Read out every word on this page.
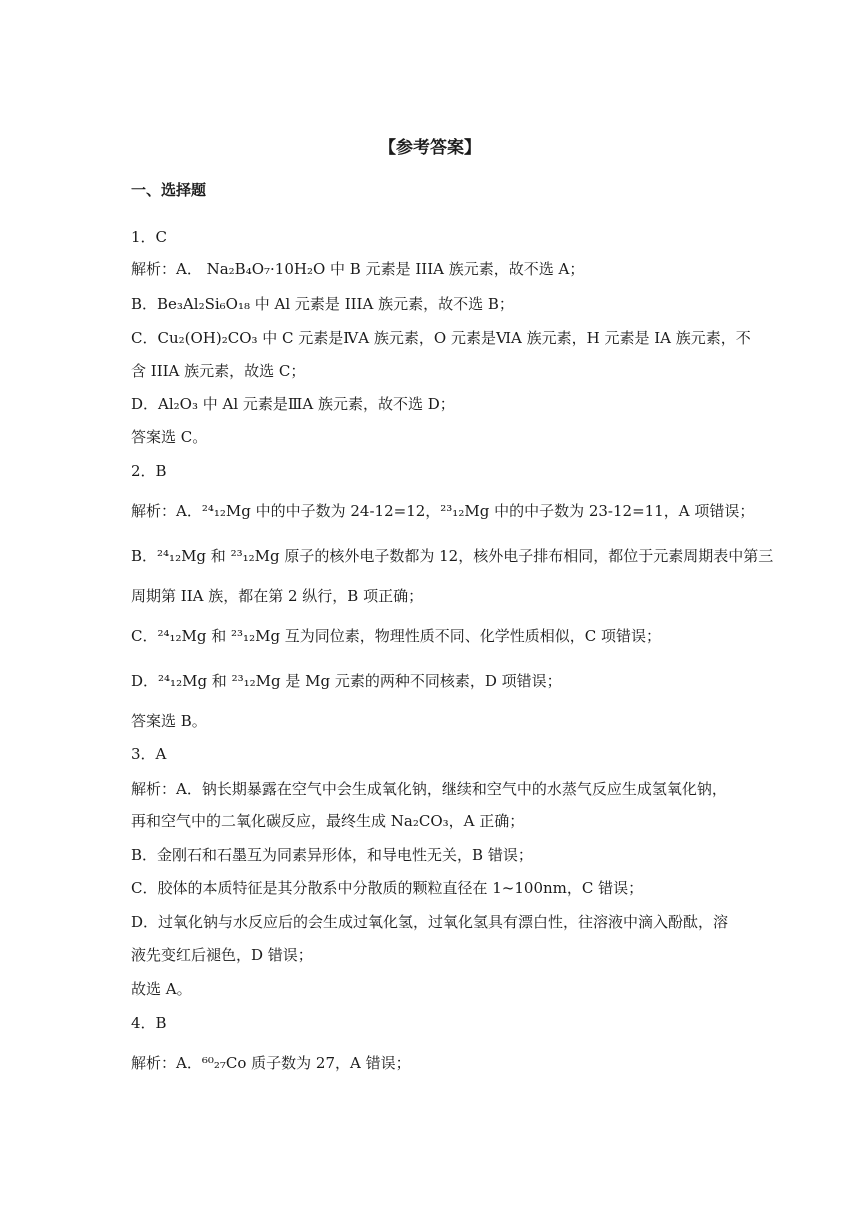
【参考答案】
一、选择题
1．C
解析：A． Na₂B₄O₇·10H₂O 中 B 元素是 IIIA 族元素，故不选 A；
B．Be₃Al₂Si₆O₁₈ 中 Al 元素是 IIIA 族元素，故不选 B；
C．Cu₂(OH)₂CO₃ 中 C 元素是ⅣA 族元素，O 元素是ⅥA 族元素，H 元素是 IA 族元素，不
含 IIIA 族元素，故选 C；
D．Al₂O₃ 中 Al 元素是ⅢA 族元素，故不选 D；
答案选 C。
2．B
解析：A．²⁴₁₂Mg 中的中子数为 24-12=12，²³₁₂Mg 中的中子数为 23-12=11，A 项错误；
B．²⁴₁₂Mg 和 ²³₁₂Mg 原子的核外电子数都为 12，核外电子排布相同，都位于元素周期表中第三
周期第 IIA 族，都在第 2 纵行，B 项正确；
C．²⁴₁₂Mg 和 ²³₁₂Mg 互为同位素，物理性质不同、化学性质相似，C 项错误；
D．²⁴₁₂Mg 和 ²³₁₂Mg 是 Mg 元素的两种不同核素，D 项错误；
答案选 B。
3．A
解析：A．钠长期暴露在空气中会生成氧化钠，继续和空气中的水蒸气反应生成氢氧化钠，
再和空气中的二氧化碳反应，最终生成 Na₂CO₃，A 正确；
B．金刚石和石墨互为同素异形体，和导电性无关，B 错误；
C．胶体的本质特征是其分散系中分散质的颗粒直径在 1~100nm，C 错误；
D．过氧化钠与水反应后的会生成过氧化氢，过氧化氢具有漂白性，往溶液中滴入酚酞，溶
液先变红后褪色，D 错误；
故选 A。
4．B
解析：A．⁶⁰₂₇Co 质子数为 27，A 错误；
